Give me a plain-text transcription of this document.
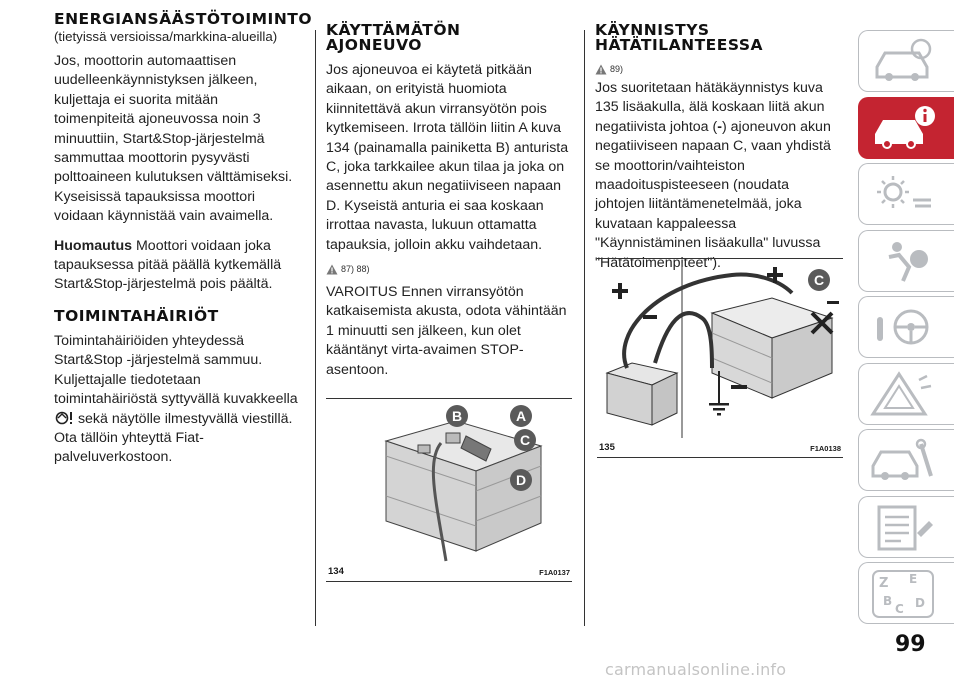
ENERGIANSÄÄSTÖTOIMINTO

(tietyissä versioissa/markkina-alueilla)

Jos, moottorin automaattisen uudelleenkäynnistyksen jälkeen, kuljettaja ei suorita mitään toimenpiteitä ajoneuvossa noin 3 minuuttiin, Start&Stop-järjestelmä sammuttaa moottorin pysyvästi polttoaineen kulutuksen välttämiseksi. Kyseisissä tapauksissa moottori voidaan käynnistää vain avaimella.

Huomautus Moottori voidaan joka tapauksessa pitää päällä kytkemällä Start&Stop-järjestelmä pois päältä.

TOIMINTAHÄIRIÖT

Toimintahäiriöiden yhteydessä Start&Stop -järjestelmä sammuu. Kuljettajalle tiedotetaan toimintahäiriöstä syttyvällä kuvakkeella  sekä näytölle ilmestyvällä viestillä. Ota tällöin yhteyttä Fiat-palveluverkostoon.

KÄYTTÄMÄTÖN AJONEUVO

Jos ajoneuvoa ei käytetä pitkään aikaan, on erityistä huomiota kiinnitettävä akun virransyötön pois kytkemiseen. Irrota tällöin liitin A kuva 134 (painamalla painiketta B) anturista C, joka tarkkailee akun tilaa ja joka on asennettu akun negatiiviseen napaan D. Kyseistä anturia ei saa koskaan irrottaa navasta, lukuun ottamatta tapauksia, jolloin akku vaihdetaan.

87) 88)

VAROITUS Ennen virransyötön katkaisemista akusta, odota vähintään 1 minuutti sen jälkeen, kun olet kääntänyt virta-avaimen STOP-asentoon.

B	A
C
D
134	F1A0137
KÄYNNISTYS HÄTÄTILANTEESSA
89)

Jos suoritetaan hätäkäynnistys kuva 135 lisäakulla, älä koskaan liitä akun negatiivista johtoa (-) ajoneuvon akun negatiiviseen napaan C, vaan yhdistä se moottorin/vaihteiston maadoituspisteeseen (noudata johtojen liitäntämenetelmää, joka kuvataan kappaleessa "Käynnistäminen lisäakulla" luvussa "Hätätoimenpiteet").

C
135	F1A0138
Z E
B
C D
99
carmanualsonline.info
